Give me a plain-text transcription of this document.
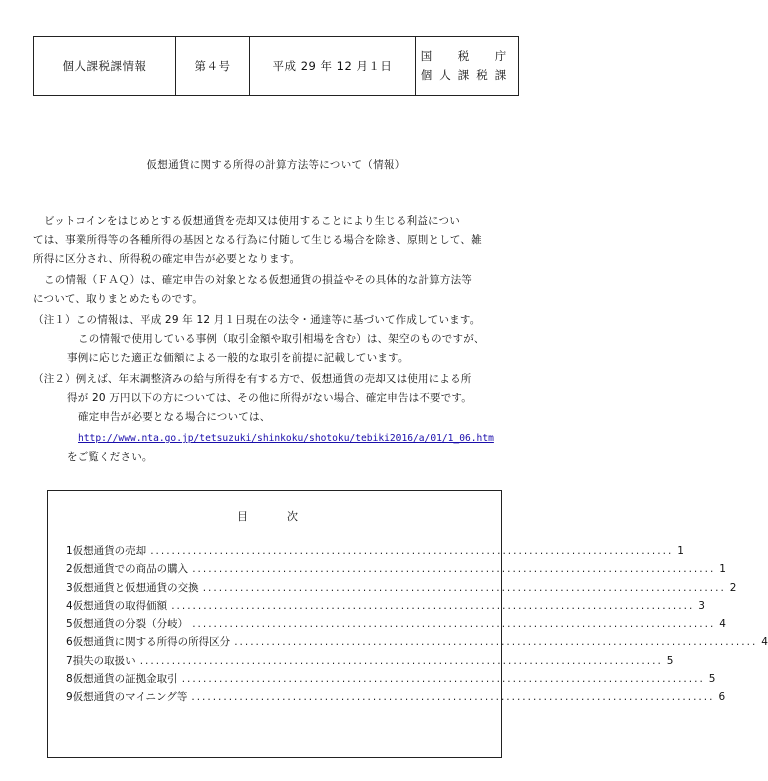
個人課税課情報	第４号	平成 29 年 12 月１日
国　税　庁
個人課税課
仮想通貨に関する所得の計算方法等について（情報）
ビットコインをはじめとする仮想通貨を売却又は使用することにより生じる利益につい
ては、事業所得等の各種所得の基因となる行為に付随して生じる場合を除き、原則として、雑
所得に区分され、所得税の確定申告が必要となります。
この情報（ＦＡＱ）は、確定申告の対象となる仮想通貨の損益やその具体的な計算方法等
について、取りまとめたものです。
（注１）この情報は、平成 29 年 12 月１日現在の法令・通達等に基づいて作成しています。
この情報で使用している事例（取引金額や取引相場を含む）は、架空のものですが、
事例に応じた適正な価額による一般的な取引を前提に記載しています。
（注２）例えば、年末調整済みの給与所得を有する方で、仮想通貨の売却又は使用による所
得が 20 万円以下の方については、その他に所得がない場合、確定申告は不要です。
確定申告が必要となる場合については、
http://www.nta.go.jp/tetsuzuki/shinkoku/shotoku/tebiki2016/a/01/1_06.htm
をご覧ください。
目　次
1 仮想通貨の売却 .................................................................................................. 1
2 仮想通貨での商品の購入 .................................................................................................. 1
3 仮想通貨と仮想通貨の交換 .................................................................................................. 2
4 仮想通貨の取得価額 .................................................................................................. 3
5 仮想通貨の分裂（分岐） .................................................................................................. 4
6 仮想通貨に関する所得の所得区分 .................................................................................................. 4
7 損失の取扱い .................................................................................................. 5
8 仮想通貨の証拠金取引 .................................................................................................. 5
9 仮想通貨のマイニング等 .................................................................................................. 6
